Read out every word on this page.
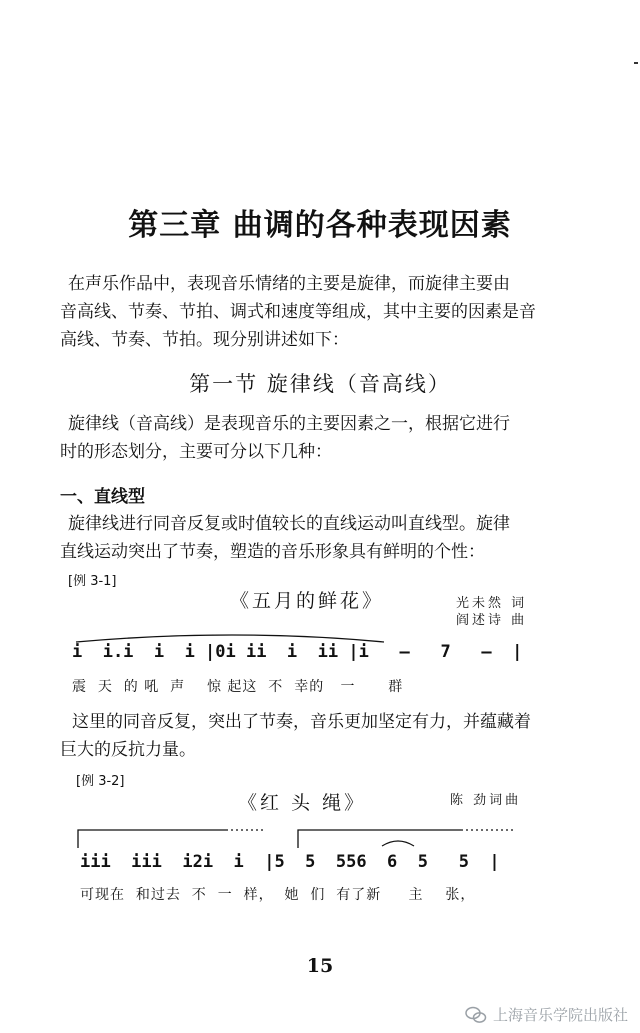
第三章 曲调的各种表现因素
在声乐作品中，表现音乐情绪的主要是旋律，而旋律主要由
音高线、节奏、节拍、调式和速度等组成，其中主要的因素是音
高线、节奏、节拍。现分别讲述如下：
第一节 旋律线（音高线）
旋律线（音高线）是表现音乐的主要因素之一，根据它进行
时的形态划分，主要可分以下几种：
一、直线型
旋律线进行同音反复或时值较长的直线运动叫直线型。旋律
直线运动突出了节奏，塑造的音乐形象具有鲜明的个性：
[例 3-1]
《五月的鲜花》	光未然 词
阎述诗 曲
i  i.i  i  i |0i ii  i  ii |i   –   7   –  |
震  天  的 吼  声    惊 起这  不  幸的   一      群
这里的同音反复，突出了节奏，音乐更加坚定有力，并蕴藏着
巨大的反抗力量。
[例 3-2]
《红 头 绳》	陈 劲词曲
iii  iii  i2i  i  |5  5  556  6  5   5  |
可现在  和过去  不  一  样，  她  们  有了新     主    张，
15
上海音乐学院出版社
